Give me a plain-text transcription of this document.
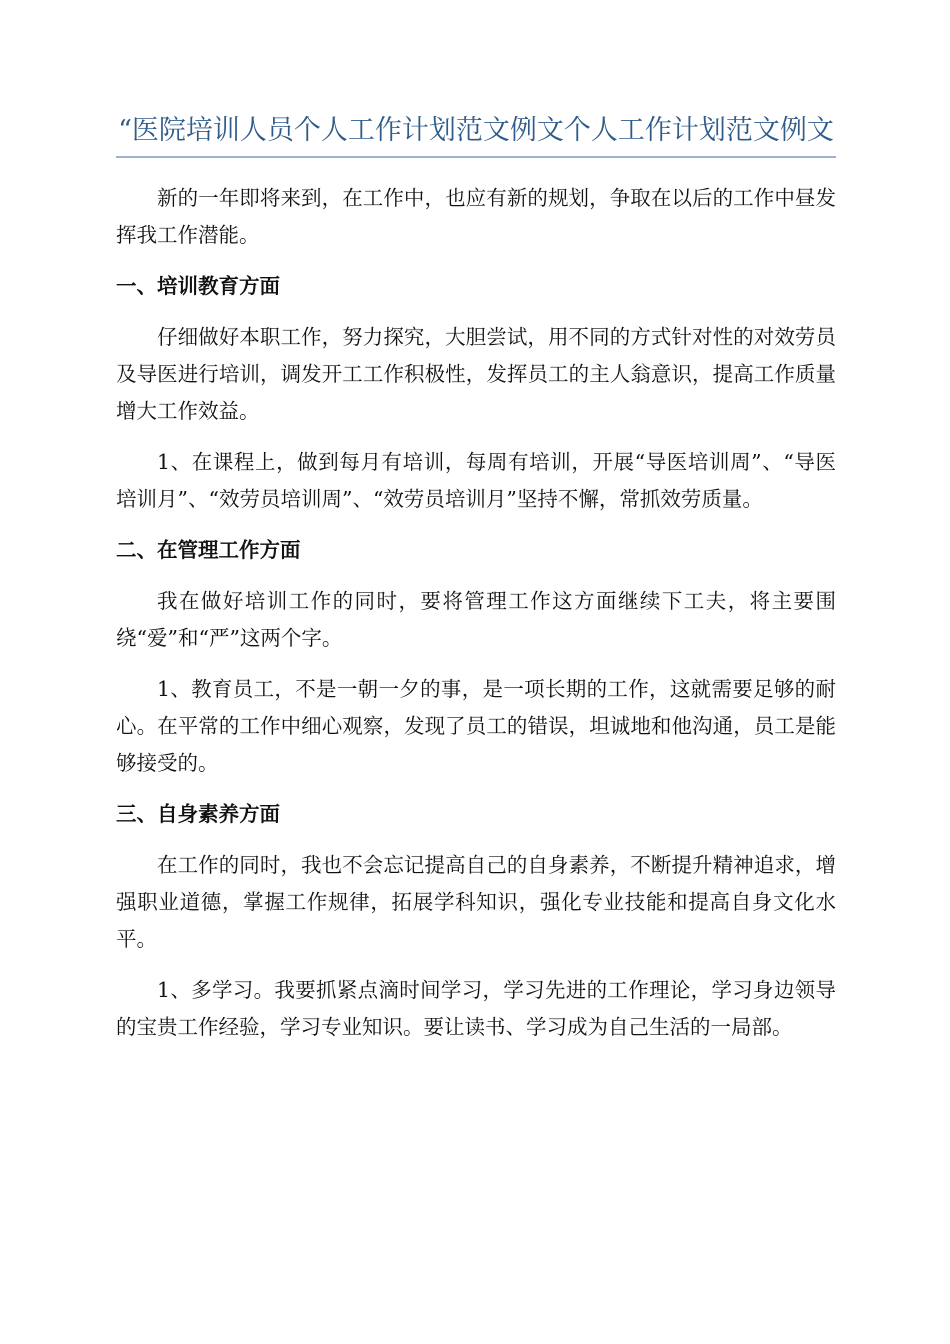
“医院培训人员个人工作计划范文例文个人工作计划范文例文

新的一年即将来到，在工作中，也应有新的规划，争取在以后的工作中昼发挥我工作潜能。

一、培训教育方面

仔细做好本职工作，努力探究，大胆尝试，用不同的方式针对性的对效劳员及导医进行培训，调发开工工作积极性，发挥员工的主人翁意识，提高工作质量增大工作效益。

1、在课程上，做到每月有培训，每周有培训，开展“导医培训周”、“导医培训月”、“效劳员培训周”、“效劳员培训月”坚持不懈，常抓效劳质量。

二、在管理工作方面

我在做好培训工作的同时，要将管理工作这方面继续下工夫，将主要围绕“爱”和“严”这两个字。

1、教育员工，不是一朝一夕的事，是一项长期的工作，这就需要足够的耐心。在平常的工作中细心观察，发现了员工的错误，坦诚地和他沟通，员工是能够接受的。

三、自身素养方面

在工作的同时，我也不会忘记提高自己的自身素养，不断提升精神追求，增强职业道德，掌握工作规律，拓展学科知识，强化专业技能和提高自身文化水平。

1、多学习。我要抓紧点滴时间学习，学习先进的工作理论，学习身边领导的宝贵工作经验，学习专业知识。要让读书、学习成为自己生活的一局部。
